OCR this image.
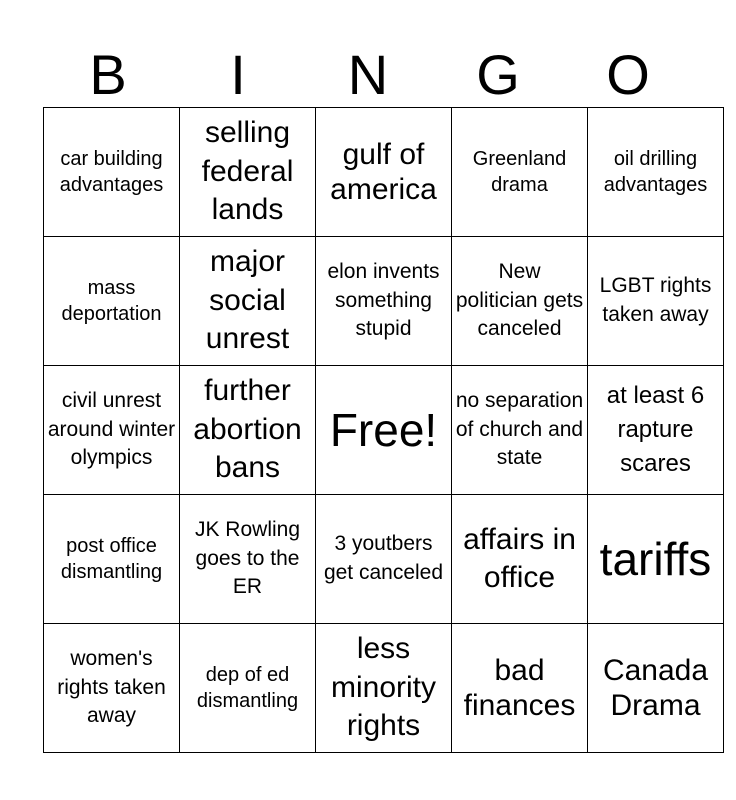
B	I	N	G	O
car building advantages	selling federal lands	gulf of america	Greenland drama	oil drilling advantages
mass deportation	major social unrest	elon invents something stupid	New politician gets canceled	LGBT rights taken away
civil unrest around winter olympics	further abortion bans	Free!	no separation of church and state	at least 6 rapture scares
post office dismantling	JK Rowling goes to the ER	3 youtbers get canceled	affairs in office	tariffs
women's rights taken away	dep of ed dismantling	less minority rights	bad finances	Canada Drama
